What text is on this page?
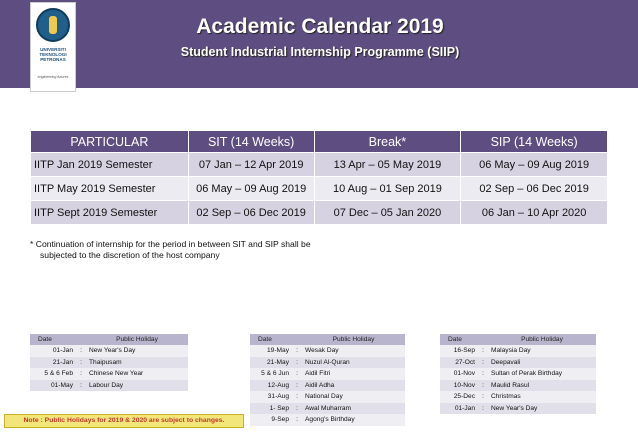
UNIVERSITI
TEKNOLOGI
PETRONAS
engineering futures
Academic Calendar 2019
Student Industrial Internship Programme (SIIP)
PARTICULAR	SIT (14 Weeks)	Break*	SIP (14 Weeks)
IITP Jan 2019 Semester	07 Jan – 12 Apr 2019	13 Apr – 05 May 2019	06 May – 09 Aug 2019
IITP May 2019 Semester	06 May – 09 Aug 2019	10 Aug – 01 Sep 2019	02 Sep – 06 Dec 2019
IITP Sept 2019 Semester	02 Sep – 06 Dec 2019	07 Dec – 05 Jan 2020	06 Jan – 10 Apr 2020
* Continuation of internship for the period in between SIT and SIP shall be
subjected to the discretion of the host company
Date		Public Holiday
01-Jan	:	New Year's Day
21-Jan	:	Thaipusam
5 & 6 Feb	:	Chinese New Year
01-May	:	Labour Day
Date		Public Holiday
19-May	:	Wesak Day
21-May	:	Nuzul Al-Quran
5 & 6 Jun	:	Aidil Fitri
12-Aug	:	Aidil Adha
31-Aug	:	National Day
1- Sep	:	Awal Muharram
9-Sep	:	Agong's Birthday
Date		Public Holiday
16-Sep	:	Malaysia Day
27-Oct	:	Deepavali
01-Nov	:	Sultan of Perak Birthday
10-Nov	:	Maulid Rasul
25-Dec	:	Christmas
01-Jan	:	New Year's Day
Note : Public Holidays for 2019 & 2020 are subject to changes.
